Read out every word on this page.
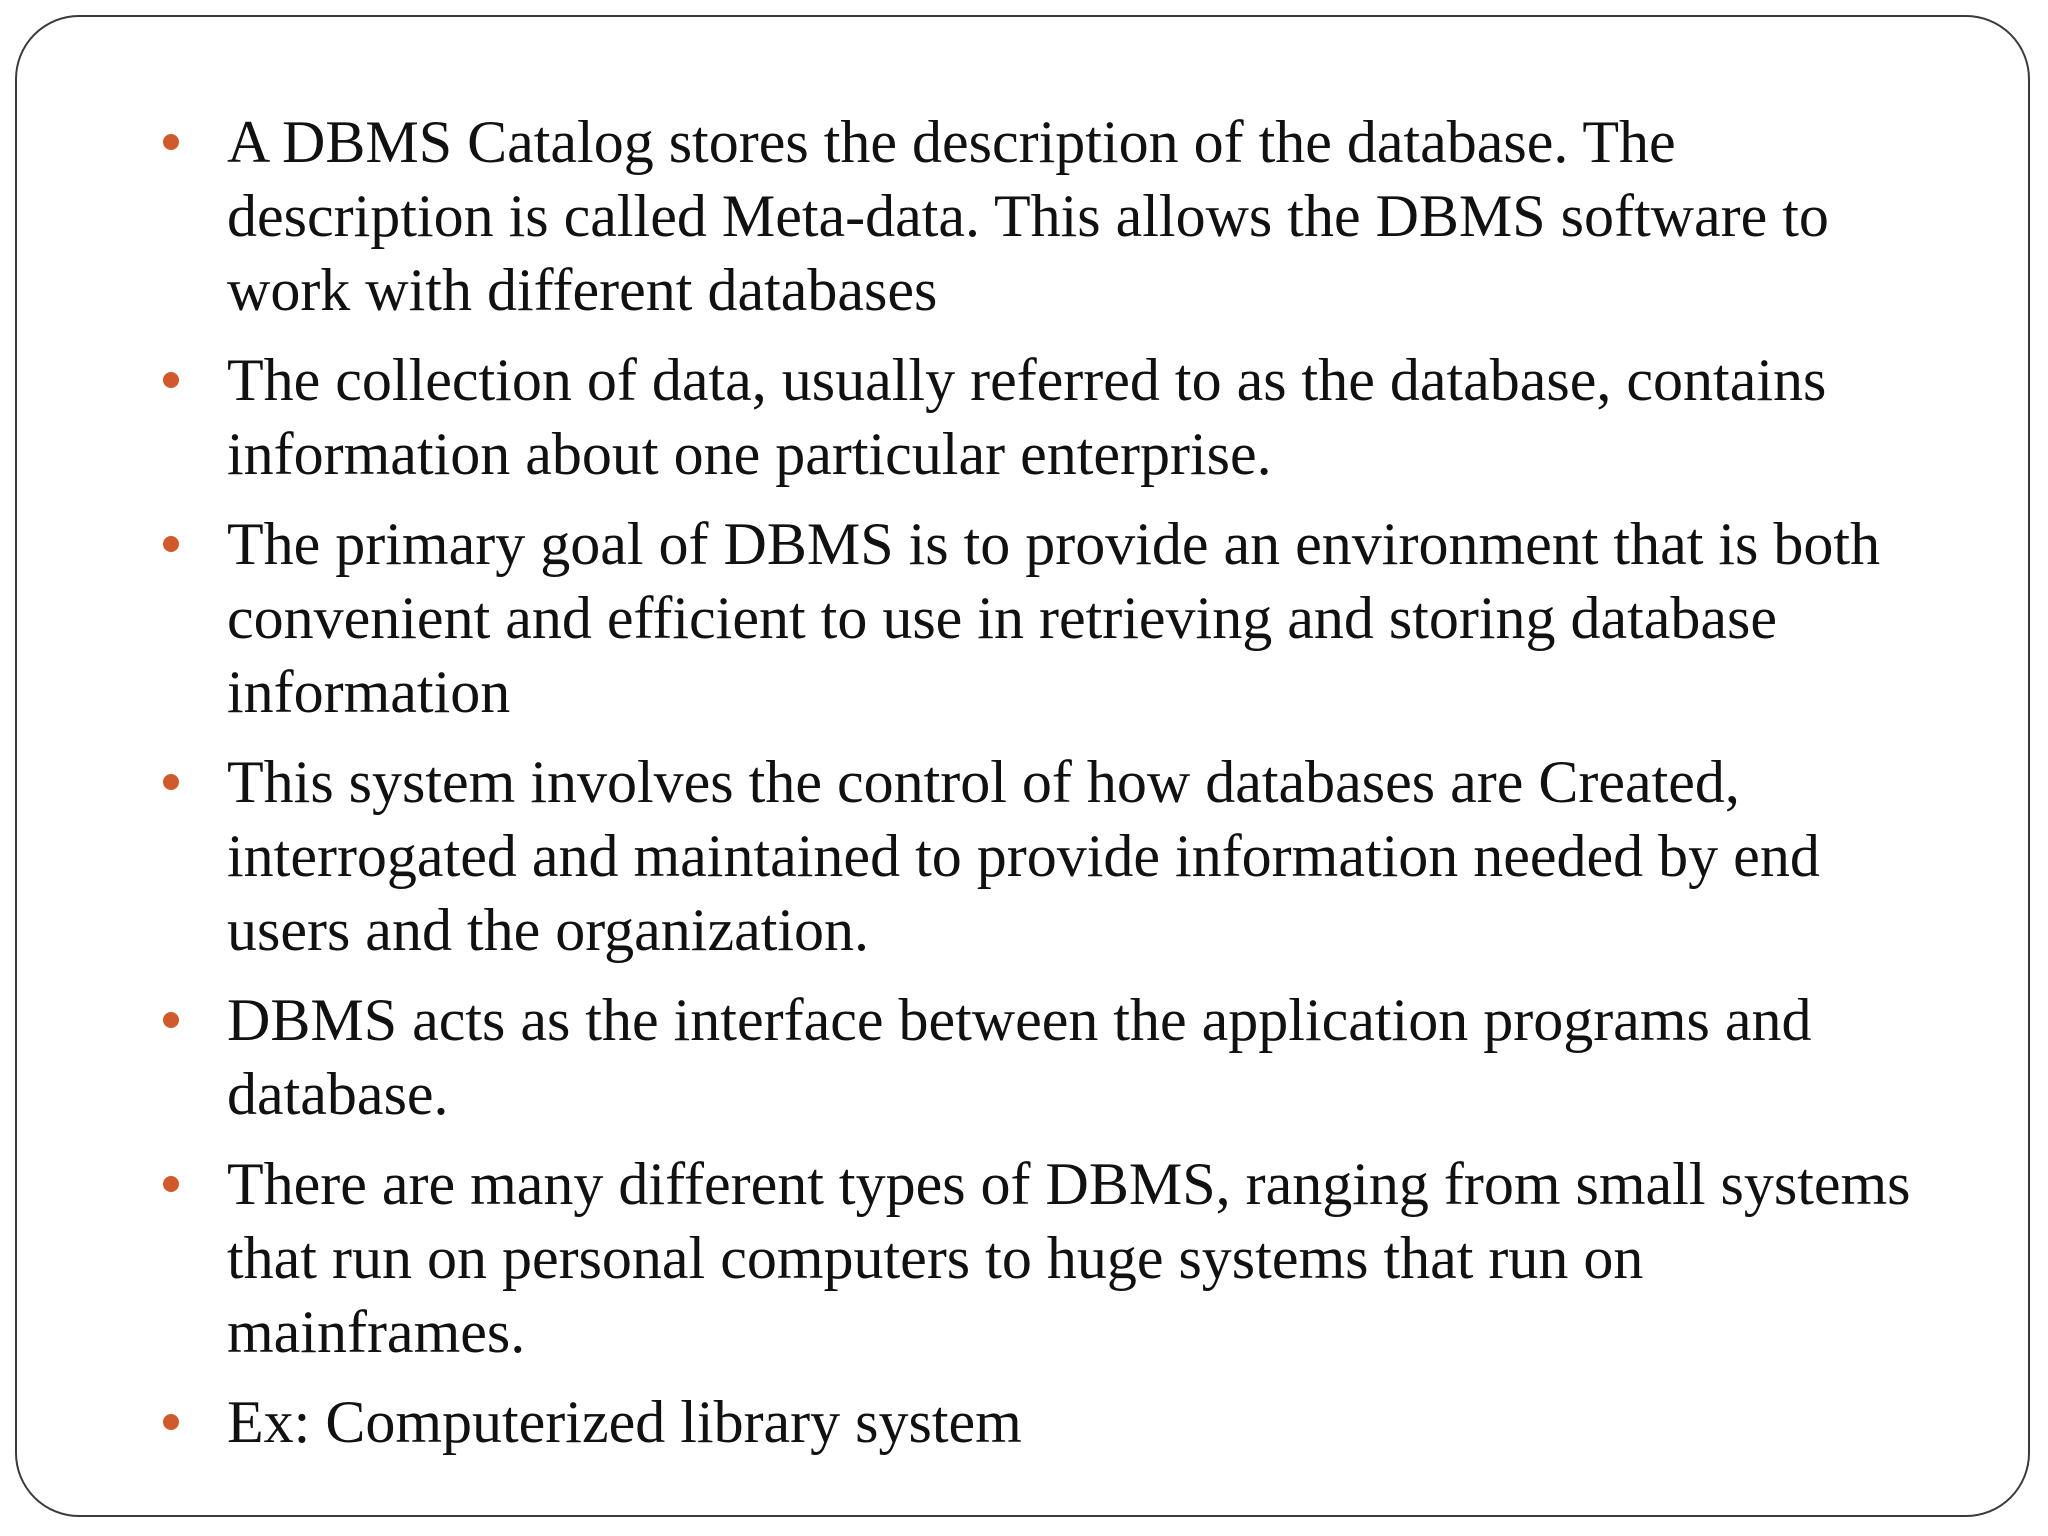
A DBMS Catalog stores the description of the database. The
description is called Meta-data. This allows the DBMS software to
work with different databases
The collection of data, usually referred to as the database, contains
information about one particular enterprise.
The primary goal of DBMS is to provide an environment that is both
convenient and efficient to use in retrieving and storing database
information
This system involves the control of how databases are Created,
interrogated and maintained to provide information needed by end
users and the organization.
DBMS acts as the interface between the application programs and
database.
There are many different types of DBMS, ranging from small systems
that run on personal computers to huge systems that run on
mainframes.
Ex: Computerized library system
